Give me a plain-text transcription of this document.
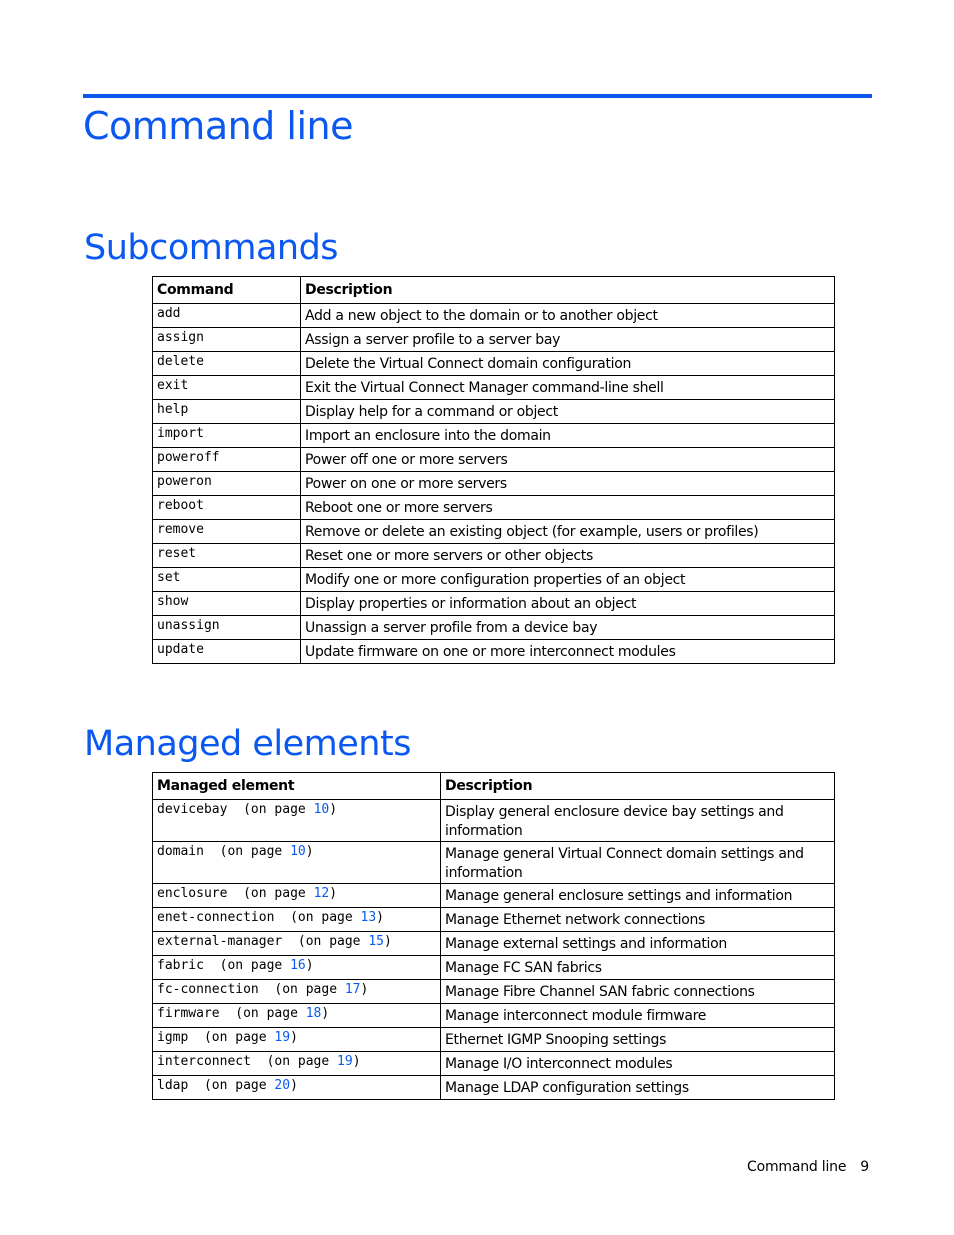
Command line
Subcommands
Command	Description
add	Add a new object to the domain or to another object
assign	Assign a server profile to a server bay
delete	Delete the Virtual Connect domain configuration
exit	Exit the Virtual Connect Manager command-line shell
help	Display help for a command or object
import	Import an enclosure into the domain
poweroff	Power off one or more servers
poweron	Power on one or more servers
reboot	Reboot one or more servers
remove	Remove or delete an existing object (for example, users or profiles)
reset	Reset one or more servers or other objects
set	Modify one or more configuration properties of an object
show	Display properties or information about an object
unassign	Unassign a server profile from a device bay
update	Update firmware on one or more interconnect modules
Managed elements
Managed element	Description
devicebay (on page 10)	Display general enclosure device bay settings and information
domain (on page 10)	Manage general Virtual Connect domain settings and information
enclosure (on page 12)	Manage general enclosure settings and information
enet-connection (on page 13)	Manage Ethernet network connections
external-manager (on page 15)	Manage external settings and information
fabric (on page 16)	Manage FC SAN fabrics
fc-connection (on page 17)	Manage Fibre Channel SAN fabric connections
firmware (on page 18)	Manage interconnect module firmware
igmp (on page 19)	Ethernet IGMP Snooping settings
interconnect (on page 19)	Manage I/O interconnect modules
ldap (on page 20)	Manage LDAP configuration settings
Command line 9
